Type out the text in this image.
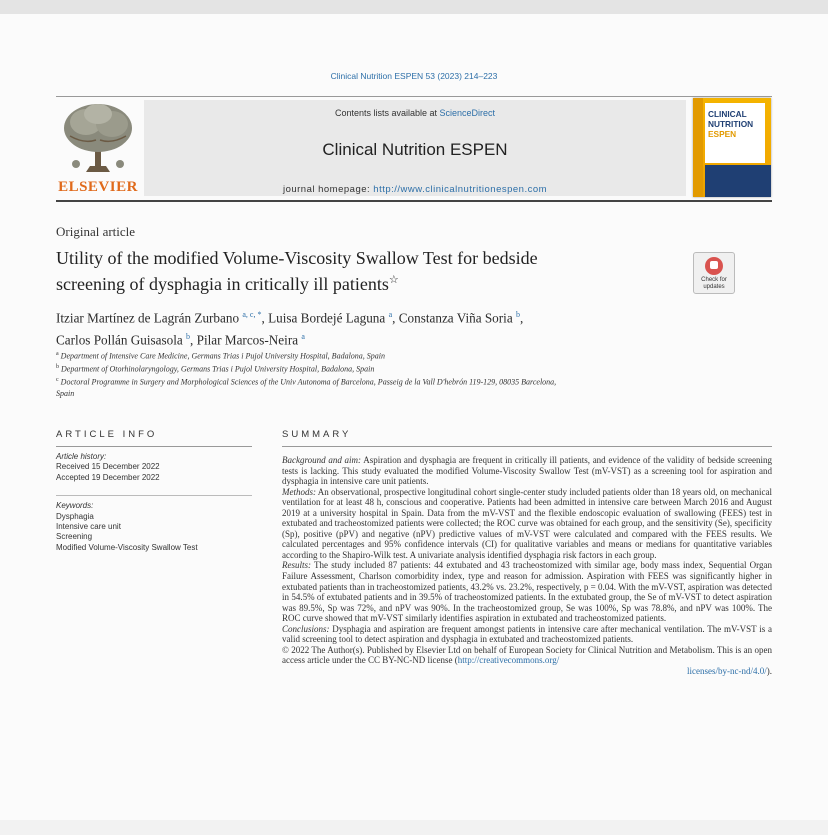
Clinical Nutrition ESPEN 53 (2023) 214–223
ELSEVIER
Contents lists available at ScienceDirect
Clinical Nutrition ESPEN
journal homepage: http://www.clinicalnutritionespen.com
CLINICAL
NUTRITION
ESPEN
Original article
Utility of the modified Volume-Viscosity Swallow Test for bedside
screening of dysphagia in critically ill patients☆	Check for
updates
Itziar Martínez de Lagrán Zurbano $^{a, c, *}$, Luisa Bordejé Laguna $^a$, Constanza Viña Soria $^b$,
Carlos Pollán Guisasola $^b$, Pilar Marcos-Neira $^a$
$^a$ Department of Intensive Care Medicine, Germans Trias i Pujol University Hospital, Badalona, Spain
$^b$ Department of Otorhinolaryngology, Germans Trias i Pujol University Hospital, Badalona, Spain
$^c$ Doctoral Programme in Surgery and Morphological Sciences of the Univ Autonoma of Barcelona, Passeig de la Vall D'hebrón 119-129, 08035 Barcelona,
Spain
ARTICLE INFO	SUMMARY
Article history:
Received 15 December 2022
Accepted 19 December 2022
Keywords:
Dysphagia
Intensive care unit
Screening
Modified Volume-Viscosity Swallow Test

Background and aim: Aspiration and dysphagia are frequent in critically ill patients, and evidence of the validity of bedside screening tests is lacking. This study evaluated the modified Volume-Viscosity Swallow Test (mV-VST) as a screening tool for aspiration and dysphagia in intensive care unit patients.

Methods: An observational, prospective longitudinal cohort single-center study included patients older than 18 years old, on mechanical ventilation for at least 48 h, conscious and cooperative. Patients had been admitted in intensive care between March 2016 and August 2019 at a university hospital in Spain. Data from the mV-VST and the flexible endoscopic evaluation of swallowing (FEES) test in extubated and tracheostomized patients were collected; the ROC curve was obtained for each group, and the sensitivity (Se), specificity (Sp), positive (pPV) and negative (nPV) predictive values of mV-VST were calculated and compared with the FEES results. We calculated percentages and 95% confidence intervals (CI) for qualitative variables and means or medians for quantitative variables according to the Shapiro-Wilk test. A univariate analysis identified dysphagia risk factors in each group.

Results: The study included 87 patients: 44 extubated and 43 tracheostomized with similar age, body mass index, Sequential Organ Failure Assessment, Charlson comorbidity index, type and reason for admission. Aspiration with FEES was significantly higher in extubated patients than in tracheostomized patients, 43.2% vs. 23.2%, respectively, p = 0.04. With the mV-VST, aspiration was detected in 54.5% of extubated patients and in 39.5% of tracheostomized patients. In the extubated group, the Se of mV-VST to detect aspiration was 89.5%, Sp was 72%, and nPV was 90%. In the tracheostomized group, Se was 100%, Sp was 78.8%, and nPV was 100%. The ROC curve showed that mV-VST similarly identifies aspiration in extubated and tracheostomized patients.

Conclusions: Dysphagia and aspiration are frequent amongst patients in intensive care after mechanical ventilation. The mV-VST is a valid screening tool to detect aspiration and dysphagia in extubated and tracheostomized patients.

© 2022 The Author(s). Published by Elsevier Ltd on behalf of European Society for Clinical Nutrition and Metabolism. This is an open access article under the CC BY-NC-ND license (http://creativecommons.org/

licenses/by-nc-nd/4.0/).
